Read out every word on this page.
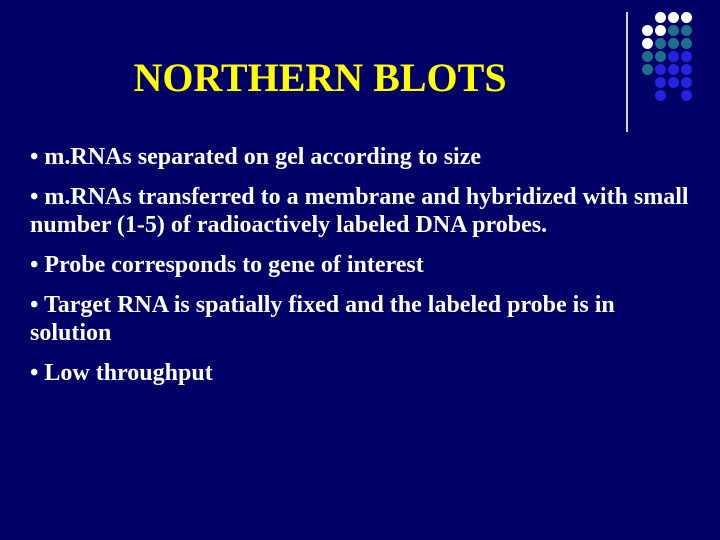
NORTHERN BLOTS

• m.RNAs separated on gel according to size

• m.RNAs transferred to a membrane and hybridized with small number (1-5) of radioactively labeled DNA probes.

• Probe corresponds to gene of interest

• Target RNA is spatially fixed and the labeled probe is in solution

• Low throughput
